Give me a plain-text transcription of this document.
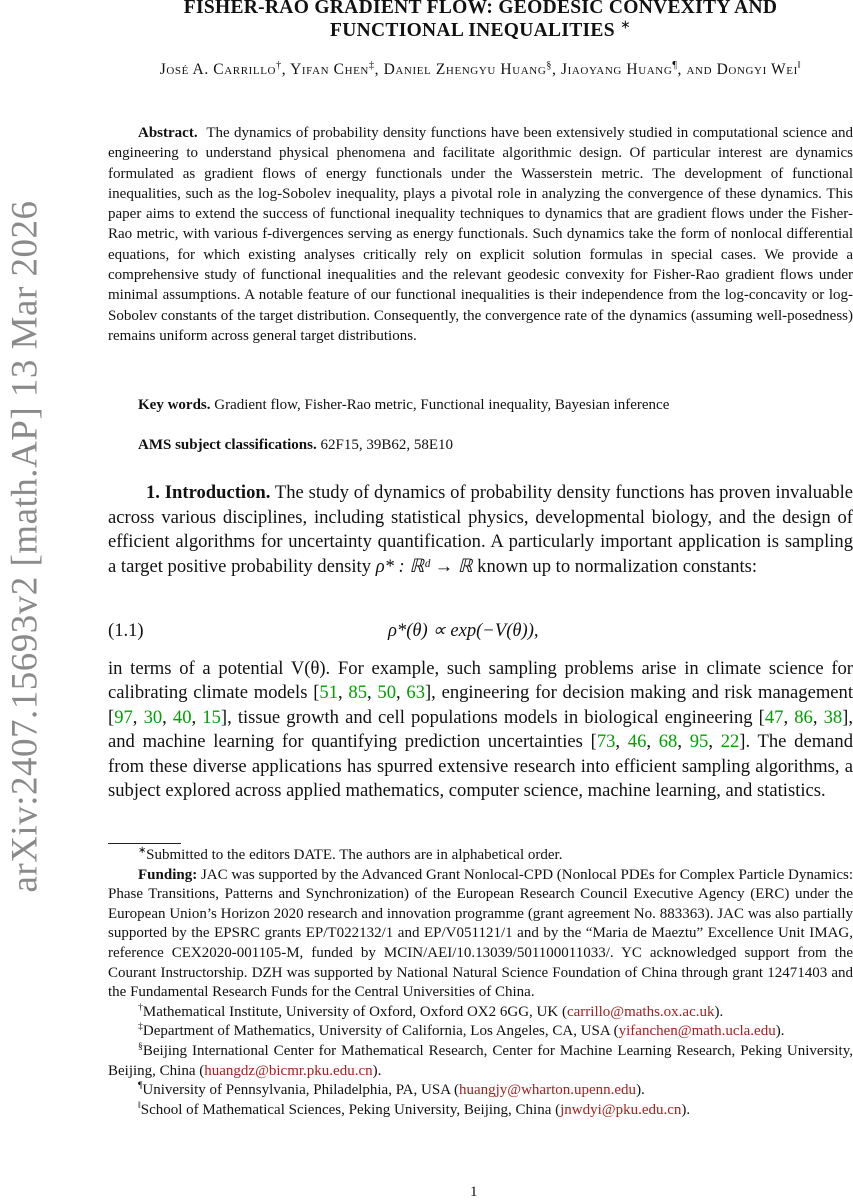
arXiv:2407.15693v2 [math.AP] 13 Mar 2026
FISHER-RAO GRADIENT FLOW: GEODESIC CONVEXITY AND
FUNCTIONAL INEQUALITIES ∗
José A. Carrillo†, Yifan Chen‡, Daniel Zhengyu Huang§, Jiaoyang Huang¶, and Dongyi Wei‖
Abstract. The dynamics of probability density functions have been extensively studied in computational science and engineering to understand physical phenomena and facilitate algorithmic design. Of particular interest are dynamics formulated as gradient flows of energy functionals under the Wasserstein metric. The development of functional inequalities, such as the log-Sobolev inequality, plays a pivotal role in analyzing the convergence of these dynamics. This paper aims to extend the success of functional inequality techniques to dynamics that are gradient flows under the Fisher-Rao metric, with various f-divergences serving as energy functionals. Such dynamics take the form of nonlocal differential equations, for which existing analyses critically rely on explicit solution formulas in special cases. We provide a comprehensive study of functional inequalities and the relevant geodesic convexity for Fisher-Rao gradient flows under minimal assumptions. A notable feature of our functional inequalities is their independence from the log-concavity or log-Sobolev constants of the target distribution. Consequently, the convergence rate of the dynamics (assuming well-posedness) remains uniform across general target distributions.
Key words. Gradient flow, Fisher-Rao metric, Functional inequality, Bayesian inference
AMS subject classifications. 62F15, 39B62, 58E10
1. Introduction. The study of dynamics of probability density functions has proven invaluable across various disciplines, including statistical physics, developmental biology, and the design of efficient algorithms for uncertainty quantification. A particularly important application is sampling a target positive probability density ρ* : ℝᵈ → ℝ known up to normalization constants:
(1.1)	ρ*(θ) ∝ exp(−V(θ)),
in terms of a potential V(θ). For example, such sampling problems arise in climate science for calibrating climate models [51, 85, 50, 63], engineering for decision making and risk management [97, 30, 40, 15], tissue growth and cell populations models in biological engineering [47, 86, 38], and machine learning for quantifying prediction uncertainties [73, 46, 68, 95, 22]. The demand from these diverse applications has spurred extensive research into efficient sampling algorithms, a subject explored across applied mathematics, computer science, machine learning, and statistics.

∗Submitted to the editors DATE. The authors are in alphabetical order.

Funding: JAC was supported by the Advanced Grant Nonlocal-CPD (Nonlocal PDEs for Complex Particle Dynamics: Phase Transitions, Patterns and Synchronization) of the European Research Council Executive Agency (ERC) under the European Union’s Horizon 2020 research and innovation programme (grant agreement No. 883363). JAC was also partially supported by the EPSRC grants EP/T022132/1 and EP/V051121/1 and by the “Maria de Maeztu” Excellence Unit IMAG, reference CEX2020-001105-M, funded by MCIN/AEI/10.13039/501100011033/. YC acknowledged support from the Courant Instructorship. DZH was supported by National Natural Science Foundation of China through grant 12471403 and the Fundamental Research Funds for the Central Universities of China.

†Mathematical Institute, University of Oxford, Oxford OX2 6GG, UK (carrillo@maths.ox.ac.uk).

‡Department of Mathematics, University of California, Los Angeles, CA, USA (yifanchen@math.ucla.edu).

§Beijing International Center for Mathematical Research, Center for Machine Learning Research, Peking University, Beijing, China (huangdz@bicmr.pku.edu.cn).

¶University of Pennsylvania, Philadelphia, PA, USA (huangjy@wharton.upenn.edu).

‖School of Mathematical Sciences, Peking University, Beijing, China (jnwdyi@pku.edu.cn).

1
